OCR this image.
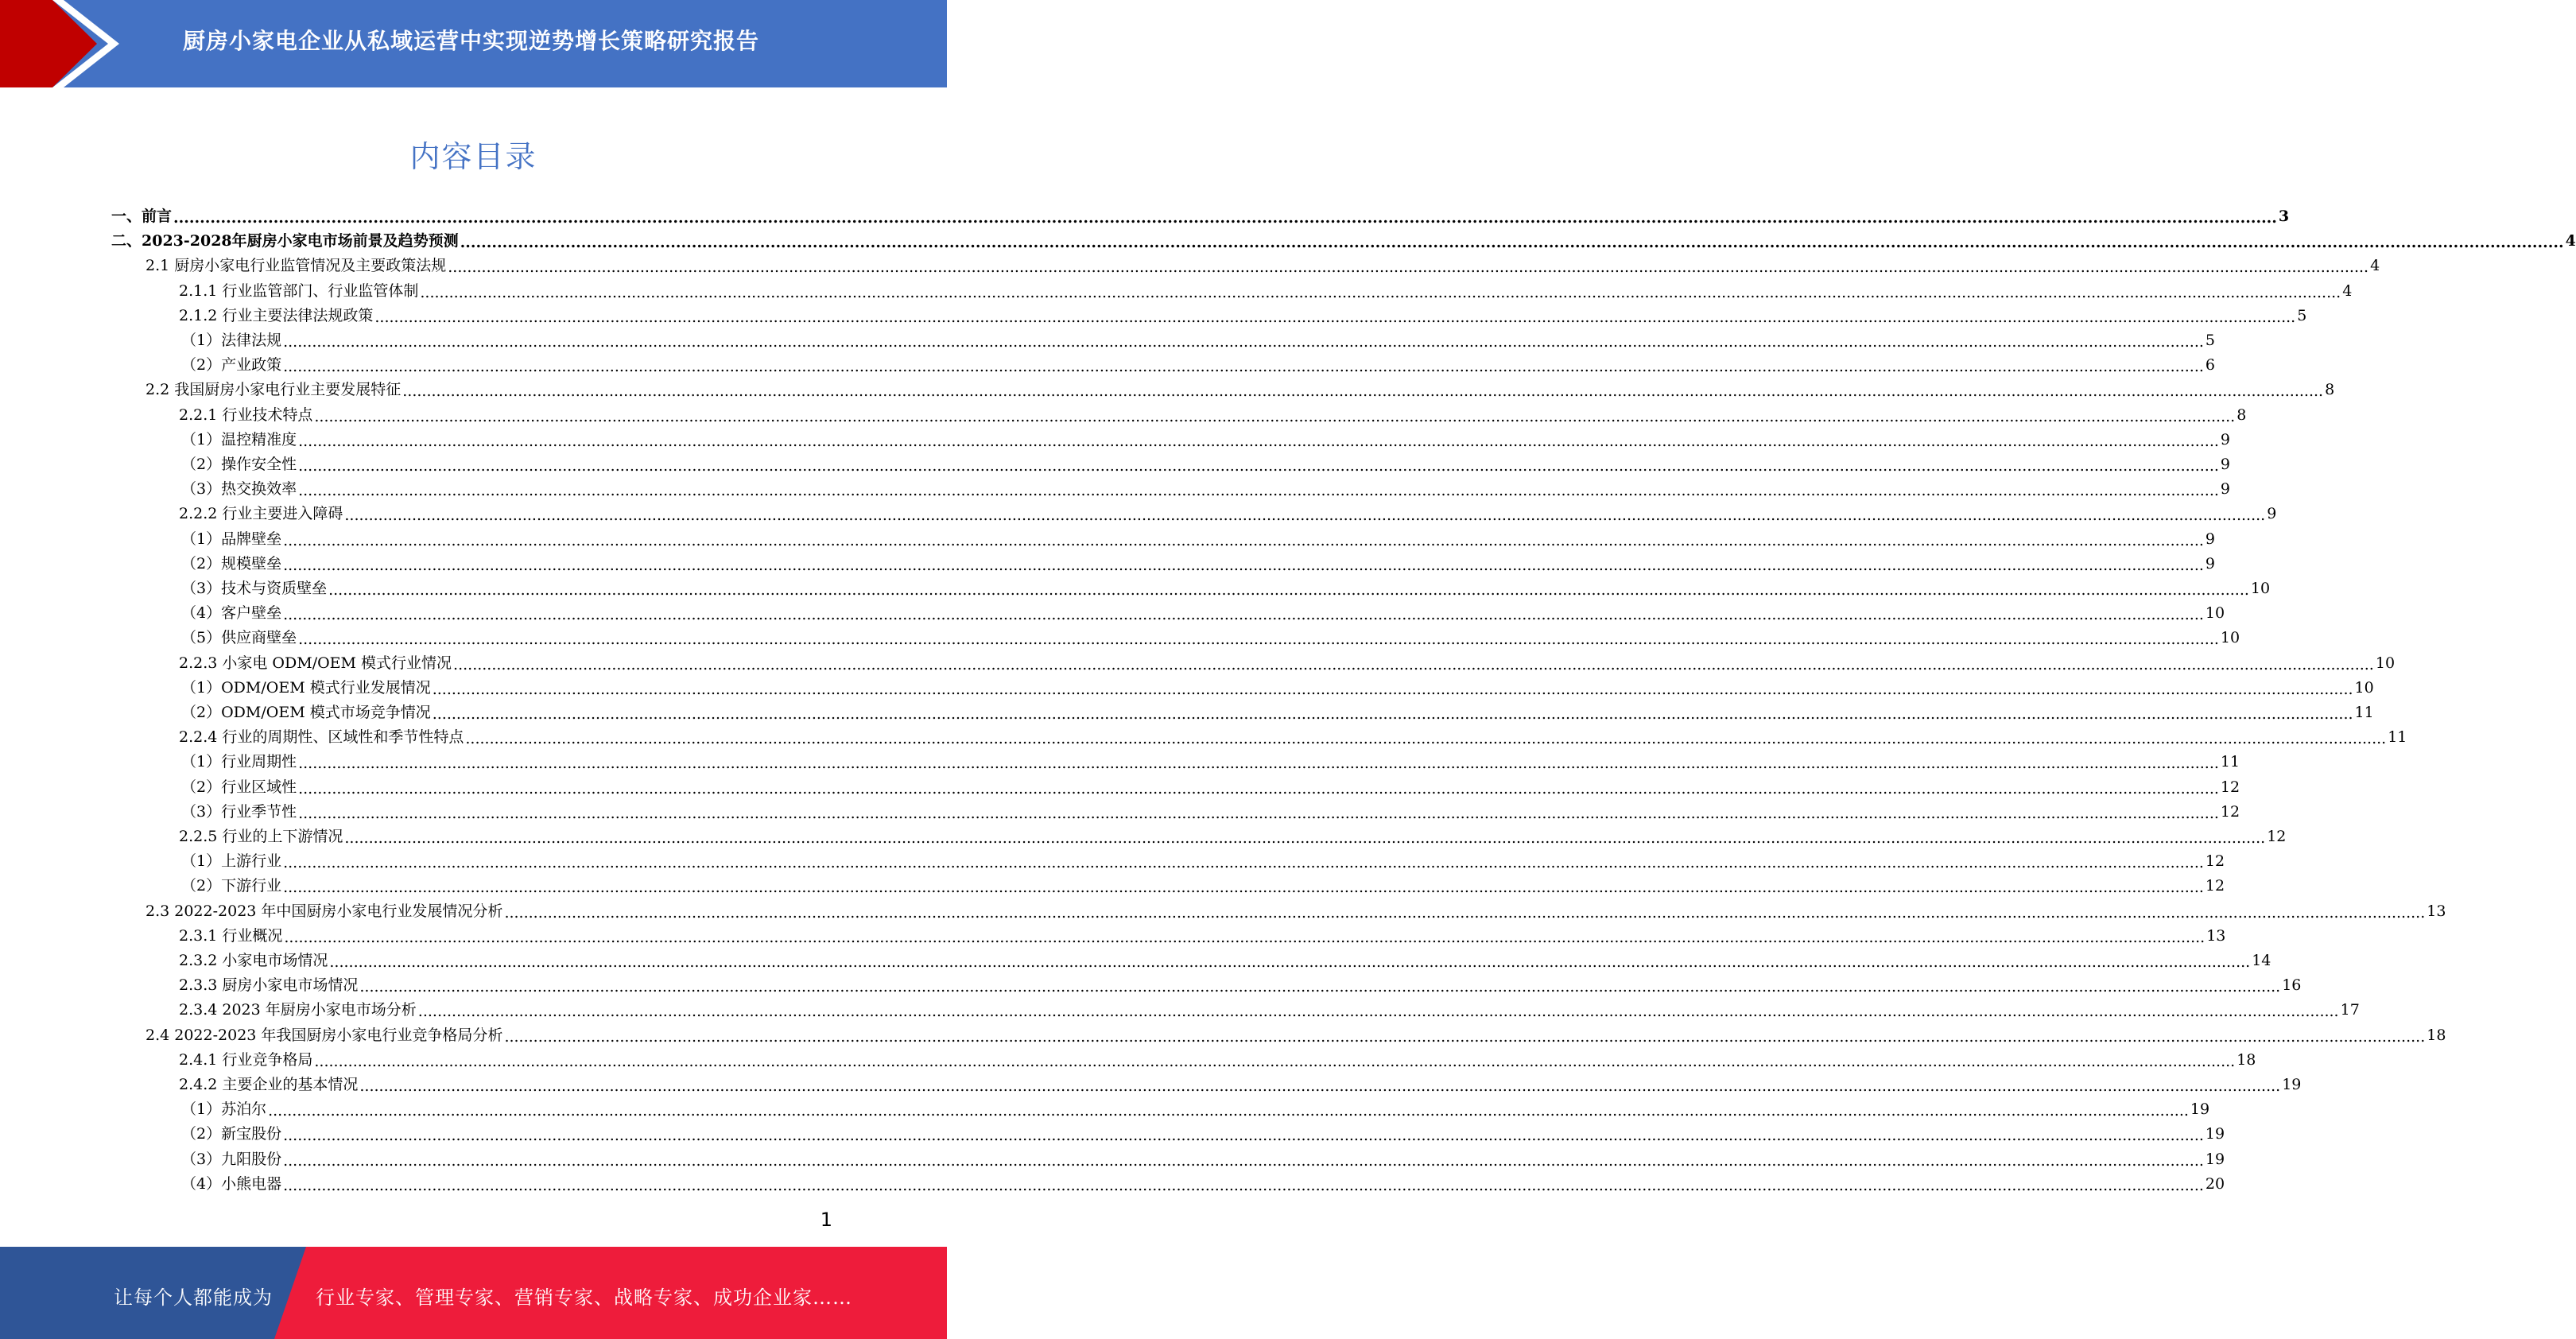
厨房小家电企业从私域运营中实现逆势增长策略研究报告
内容目录
一、前言 ................................................................................................................................................................................................................................................................................................................................................................................................................ 3
二、2023-2028年厨房小家电市场前景及趋势预测 ................................................................................................................................................................................................................................................................................................................................................................................................................ 4
2.1 厨房小家电行业监管情况及主要政策法规 ................................................................................................................................................................................................................................................................................................................................................................................................................ 4
2.1.1 行业监管部门、行业监管体制 ................................................................................................................................................................................................................................................................................................................................................................................................................ 4
2.1.2 行业主要法律法规政策 ................................................................................................................................................................................................................................................................................................................................................................................................................ 5
（1）法律法规 ................................................................................................................................................................................................................................................................................................................................................................................................................ 5
（2）产业政策 ................................................................................................................................................................................................................................................................................................................................................................................................................ 6
2.2 我国厨房小家电行业主要发展特征 ................................................................................................................................................................................................................................................................................................................................................................................................................ 8
2.2.1 行业技术特点 ................................................................................................................................................................................................................................................................................................................................................................................................................ 8
（1）温控精准度 ................................................................................................................................................................................................................................................................................................................................................................................................................ 9
（2）操作安全性 ................................................................................................................................................................................................................................................................................................................................................................................................................ 9
（3）热交换效率 ................................................................................................................................................................................................................................................................................................................................................................................................................ 9
2.2.2 行业主要进入障碍 ................................................................................................................................................................................................................................................................................................................................................................................................................ 9
（1）品牌壁垒 ................................................................................................................................................................................................................................................................................................................................................................................................................ 9
（2）规模壁垒 ................................................................................................................................................................................................................................................................................................................................................................................................................ 9
（3）技术与资质壁垒 ................................................................................................................................................................................................................................................................................................................................................................................................................ 10
（4）客户壁垒 ................................................................................................................................................................................................................................................................................................................................................................................................................ 10
（5）供应商壁垒 ................................................................................................................................................................................................................................................................................................................................................................................................................ 10
2.2.3 小家电 ODM/OEM 模式行业情况 ................................................................................................................................................................................................................................................................................................................................................................................................................ 10
（1）ODM/OEM 模式行业发展情况 ................................................................................................................................................................................................................................................................................................................................................................................................................ 10
（2）ODM/OEM 模式市场竞争情况 ................................................................................................................................................................................................................................................................................................................................................................................................................ 11
2.2.4 行业的周期性、区域性和季节性特点 ................................................................................................................................................................................................................................................................................................................................................................................................................ 11
（1）行业周期性 ................................................................................................................................................................................................................................................................................................................................................................................................................ 11
（2）行业区域性 ................................................................................................................................................................................................................................................................................................................................................................................................................ 12
（3）行业季节性 ................................................................................................................................................................................................................................................................................................................................................................................................................ 12
2.2.5 行业的上下游情况 ................................................................................................................................................................................................................................................................................................................................................................................................................ 12
（1）上游行业 ................................................................................................................................................................................................................................................................................................................................................................................................................ 12
（2）下游行业 ................................................................................................................................................................................................................................................................................................................................................................................................................ 12
2.3 2022-2023 年中国厨房小家电行业发展情况分析 ................................................................................................................................................................................................................................................................................................................................................................................................................ 13
2.3.1 行业概况 ................................................................................................................................................................................................................................................................................................................................................................................................................ 13
2.3.2 小家电市场情况 ................................................................................................................................................................................................................................................................................................................................................................................................................ 14
2.3.3 厨房小家电市场情况 ................................................................................................................................................................................................................................................................................................................................................................................................................ 16
2.3.4 2023 年厨房小家电市场分析 ................................................................................................................................................................................................................................................................................................................................................................................................................ 17
2.4 2022-2023 年我国厨房小家电行业竞争格局分析 ................................................................................................................................................................................................................................................................................................................................................................................................................ 18
2.4.1 行业竞争格局 ................................................................................................................................................................................................................................................................................................................................................................................................................ 18
2.4.2 主要企业的基本情况 ................................................................................................................................................................................................................................................................................................................................................................................................................ 19
（1）苏泊尔 ................................................................................................................................................................................................................................................................................................................................................................................................................ 19
（2）新宝股份 ................................................................................................................................................................................................................................................................................................................................................................................................................ 19
（3）九阳股份 ................................................................................................................................................................................................................................................................................................................................................................................................................ 19
（4）小熊电器 ................................................................................................................................................................................................................................................................................................................................................................................................................ 20
1
让每个人都能成为 行业专家、管理专家、营销专家、战略专家、成功企业家……
